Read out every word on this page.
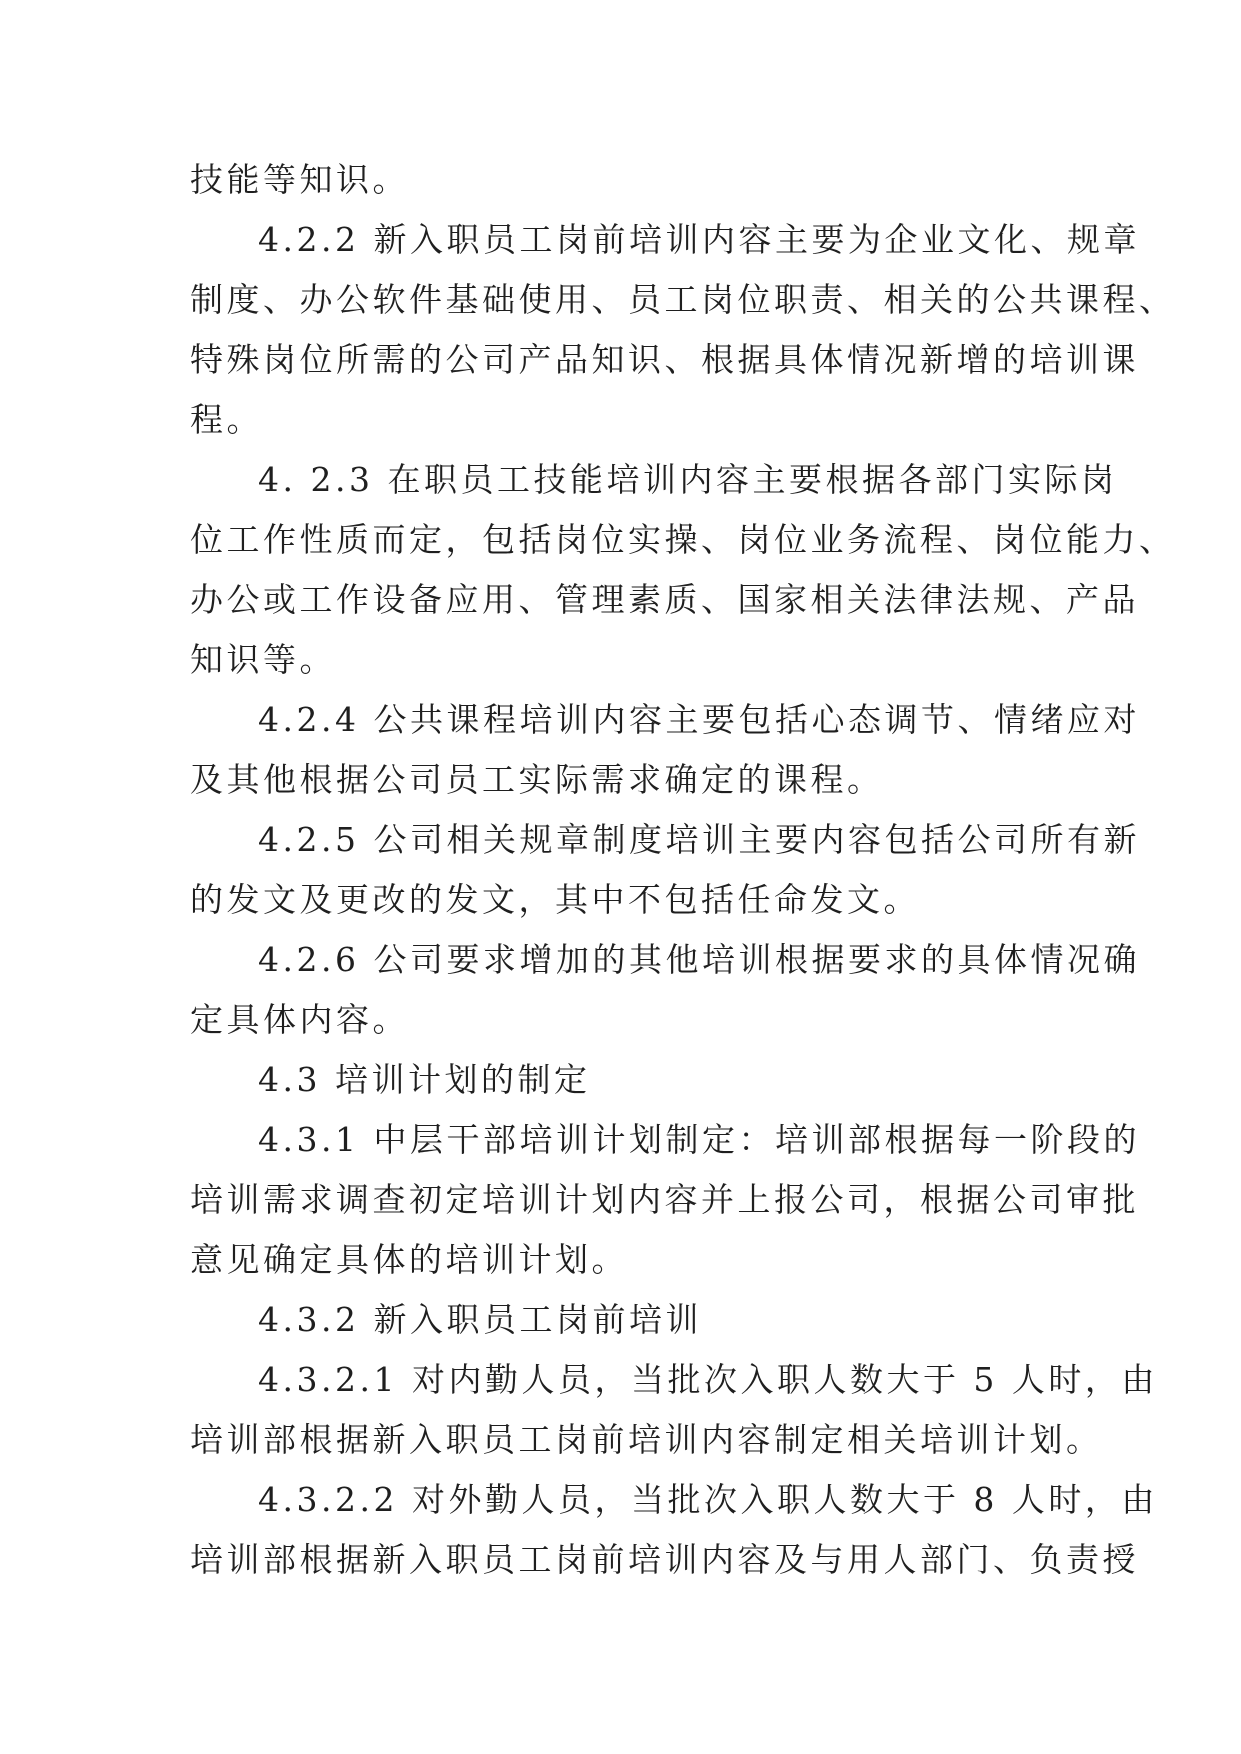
技能等知识。
4.2.2 新入职员工岗前培训内容主要为企业文化、规章
制度、办公软件基础使用、员工岗位职责、相关的公共课程、
特殊岗位所需的公司产品知识、根据具体情况新增的培训课
程。
4. 2.3 在职员工技能培训内容主要根据各部门实际岗
位工作性质而定，包括岗位实操、岗位业务流程、岗位能力、
办公或工作设备应用、管理素质、国家相关法律法规、产品
知识等。
4.2.4 公共课程培训内容主要包括心态调节、情绪应对
及其他根据公司员工实际需求确定的课程。
4.2.5 公司相关规章制度培训主要内容包括公司所有新
的发文及更改的发文，其中不包括任命发文。
4.2.6 公司要求增加的其他培训根据要求的具体情况确
定具体内容。
4.3 培训计划的制定
4.3.1 中层干部培训计划制定：培训部根据每一阶段的
培训需求调查初定培训计划内容并上报公司，根据公司审批
意见确定具体的培训计划。
4.3.2 新入职员工岗前培训
4.3.2.1 对内勤人员，当批次入职人数大于 5 人时，由
培训部根据新入职员工岗前培训内容制定相关培训计划。
4.3.2.2 对外勤人员，当批次入职人数大于 8 人时，由
培训部根据新入职员工岗前培训内容及与用人部门、负责授
